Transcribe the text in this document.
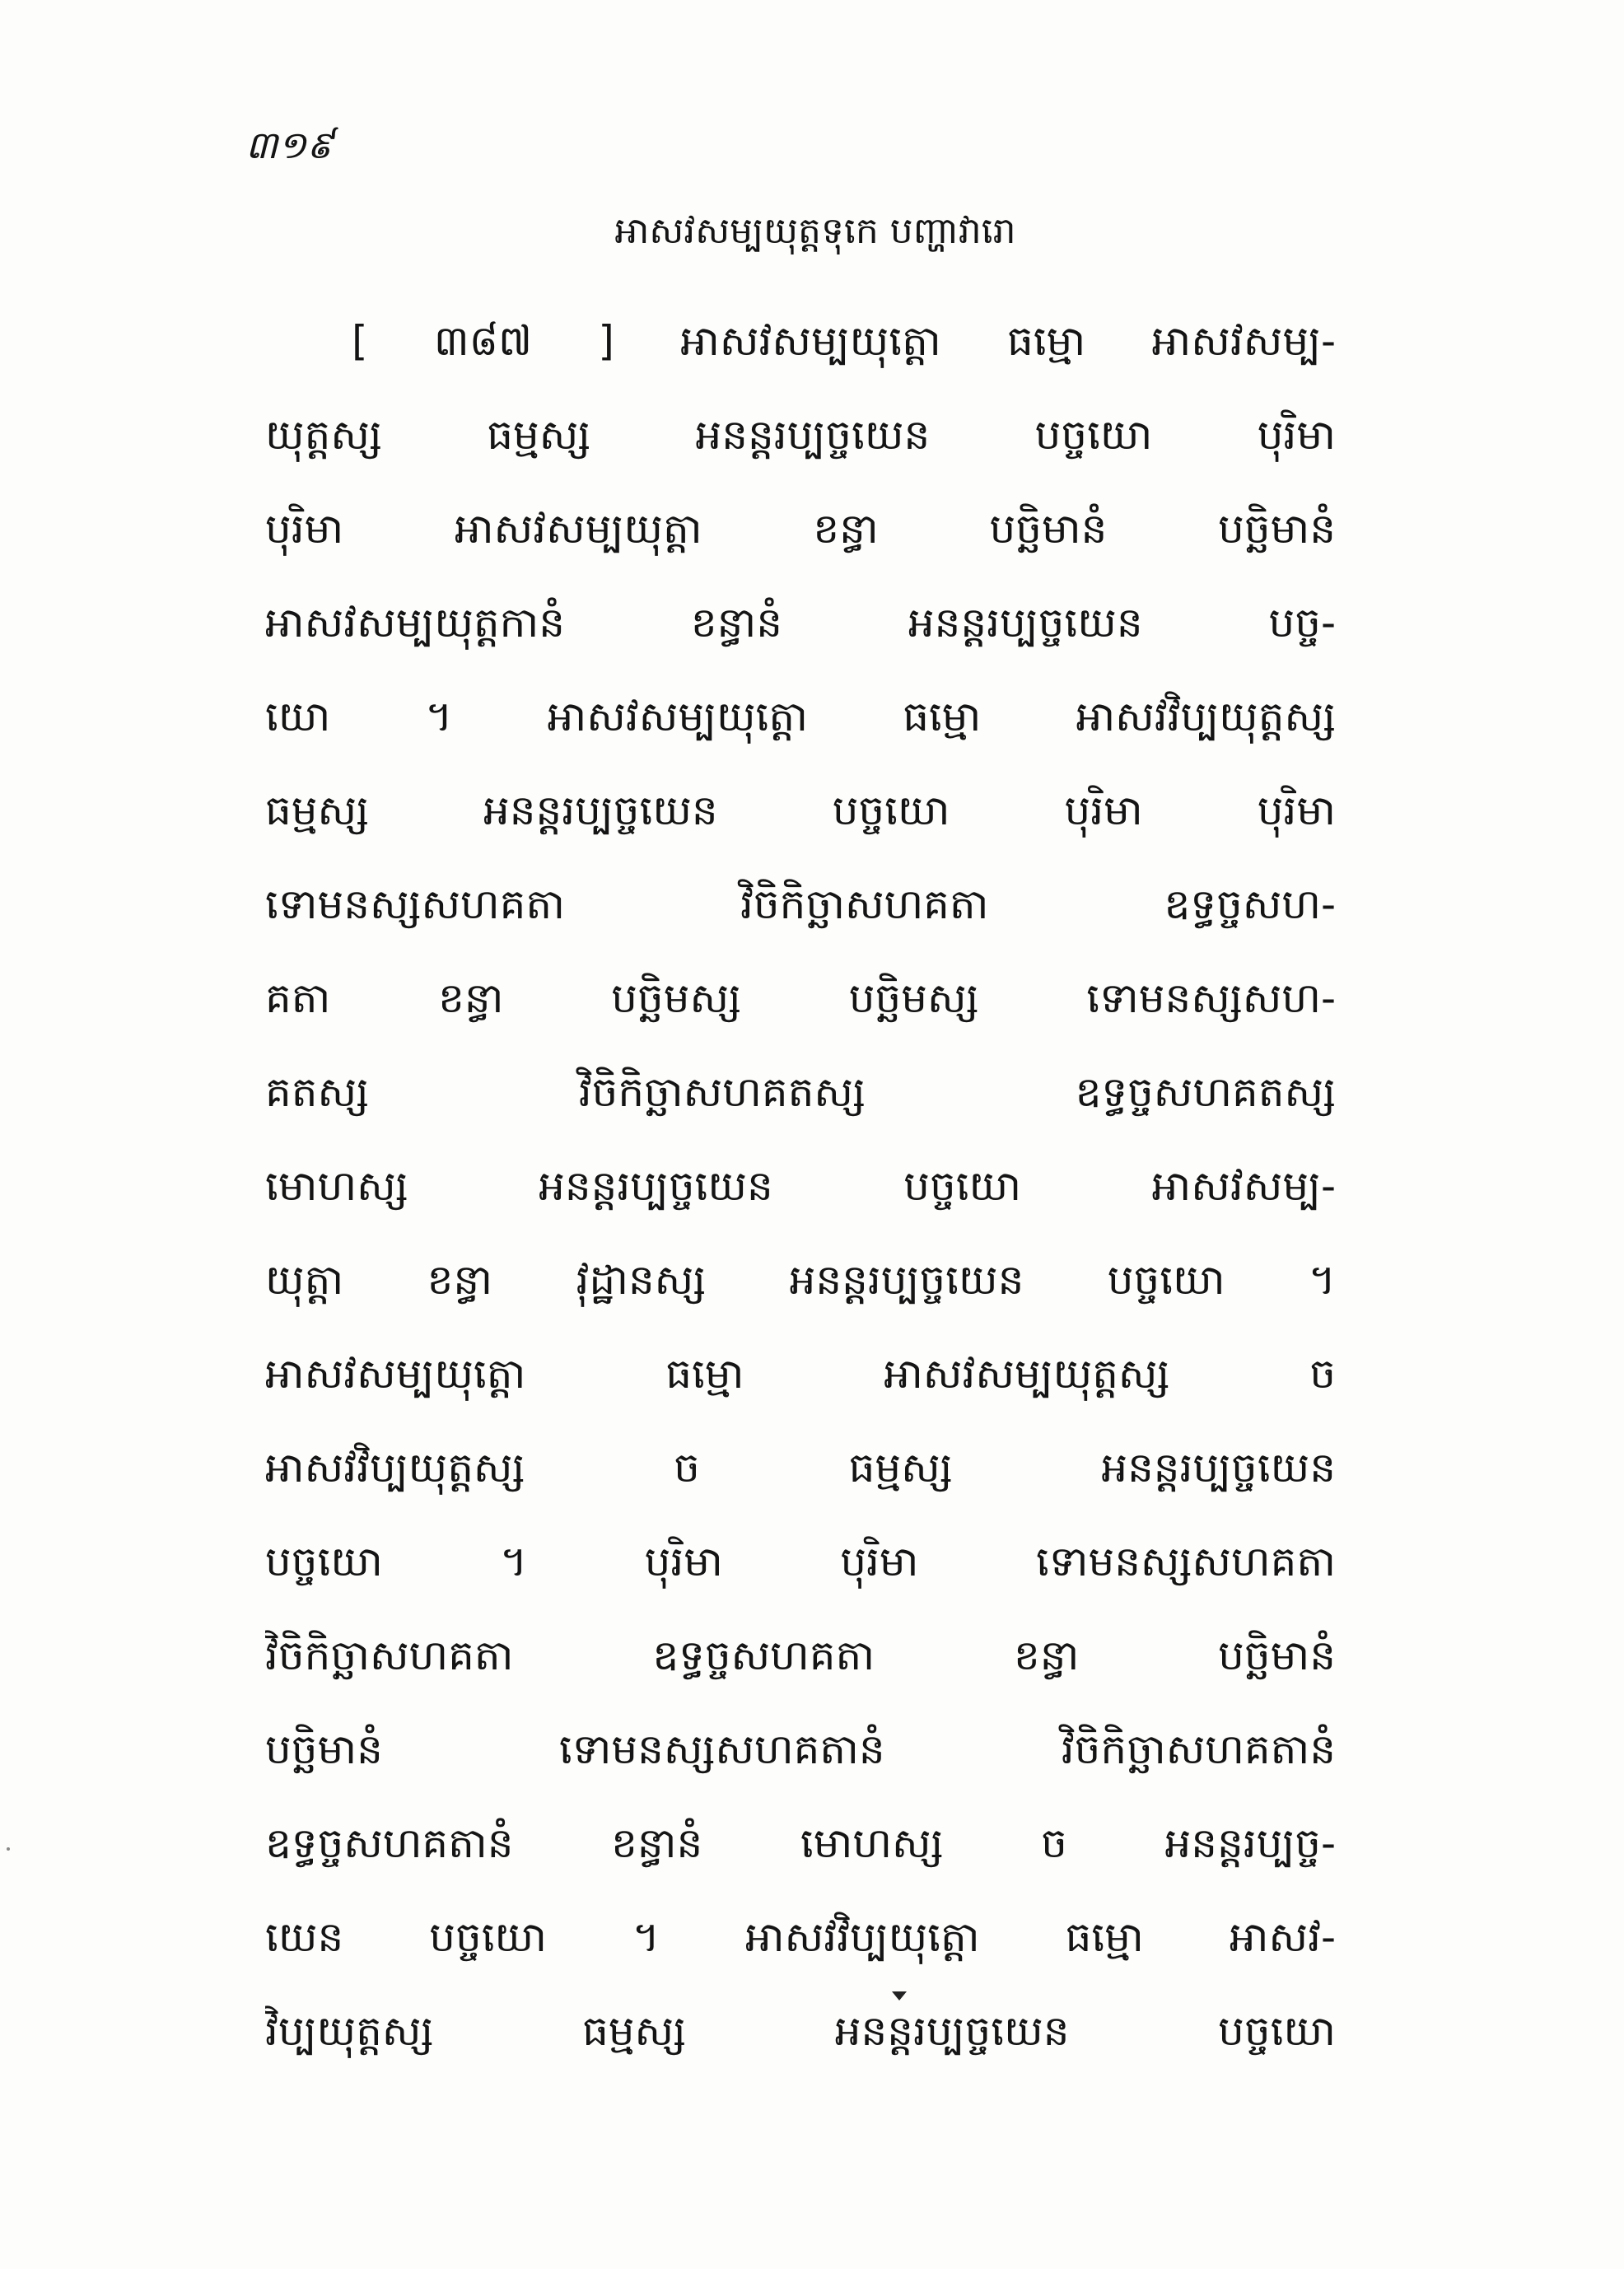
៣១៩
អាសវសម្បយុត្តទុកេ បញ្ហាវារោ
[ ៣៨៧ ] អាសវសម្បយុត្តោ ធម្មោ អាសវសម្ប-
យុត្តស្ស ធម្មស្ស អនន្តរប្បច្ចយេន បច្ចយោ បុរិមា
បុរិមា អាសវសម្បយុត្តា ខន្ធា បច្ឆិមានំ បច្ឆិមានំ
អាសវសម្បយុត្តកានំ ខន្ធានំ អនន្តរប្បច្ចយេន បច្ច-
យោ ។ អាសវសម្បយុត្តោ ធម្មោ អាសវវិប្បយុត្តស្ស
ធម្មស្ស អនន្តរប្បច្ចយេន បច្ចយោ បុរិមា បុរិមា
ទោមនស្សសហគតា វិចិកិច្ឆាសហគតា ឧទ្ធច្ចសហ-
គតា ខន្ធា បច្ឆិមស្ស បច្ឆិមស្ស ទោមនស្សសហ-
គតស្ស វិចិកិច្ឆាសហគតស្ស ឧទ្ធច្ចសហគតស្ស
មោហស្ស អនន្តរប្បច្ចយេន បច្ចយោ អាសវសម្ប-
យុត្តា ខន្ធា វុដ្ឋានស្ស អនន្តរប្បច្ចយេន បច្ចយោ ។
អាសវសម្បយុត្តោ ធម្មោ អាសវសម្បយុត្តស្ស ច
អាសវវិប្បយុត្តស្ស ច ធម្មស្ស អនន្តរប្បច្ចយេន
បច្ចយោ ។ បុរិមា បុរិមា ទោមនស្សសហគតា
វិចិកិច្ឆាសហគតា ឧទ្ធច្ចសហគតា ខន្ធា បច្ឆិមានំ
បច្ឆិមានំ ទោមនស្សសហគតានំ វិចិកិច្ឆាសហគតានំ
ឧទ្ធច្ចសហគតានំ ខន្ធានំ មោហស្ស ច អនន្តរប្បច្ច-
យេន បច្ចយោ ។ អាសវវិប្បយុត្តោ ធម្មោ អាសវ-
វិប្បយុត្តស្ស ធម្មស្ស អនន្តរប្បច្ចយេន បច្ចយោ
